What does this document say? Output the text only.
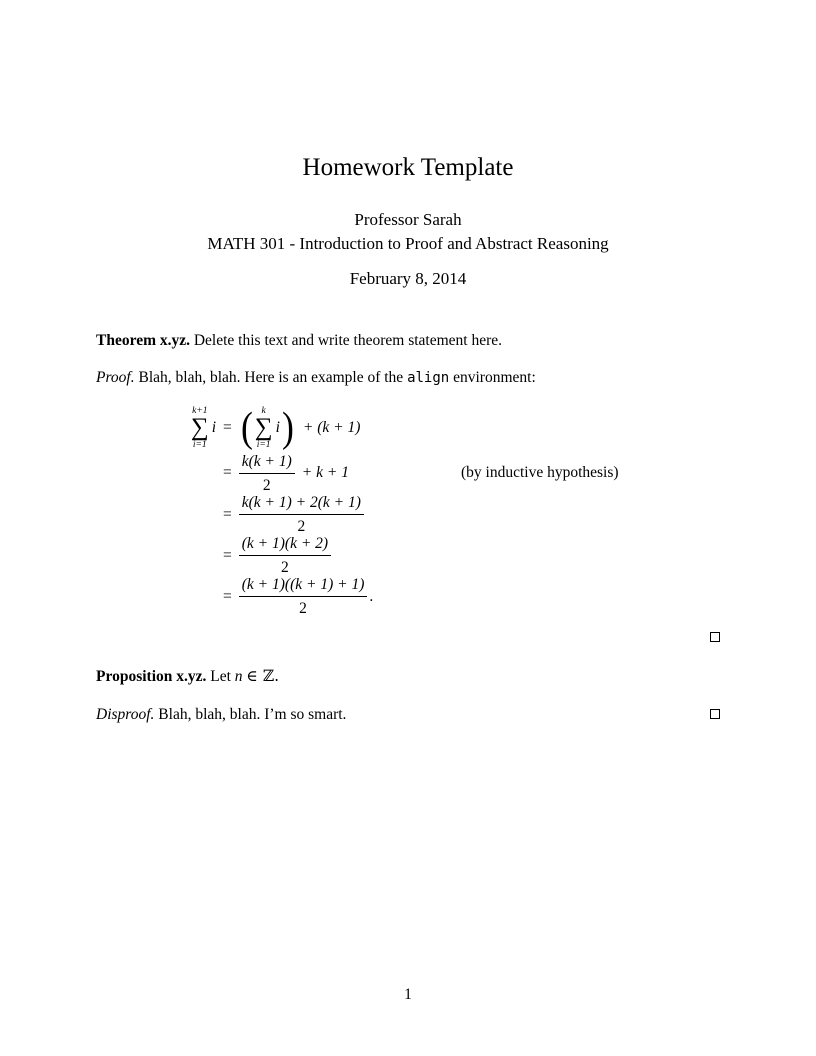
Homework Template
Professor Sarah
MATH 301 - Introduction to Proof and Abstract Reasoning
February 8, 2014

Theorem x.yz. Delete this text and write theorem statement here.

Proof. Blah, blah, blah. Here is an example of the align environment:

k+1
∑
i=1
i = ( k
∑
i=1
i ) + (k + 1)
= $\frac{k(k + 1)}{2} + k + 1$	(by inductive hypothesis)
= $\frac{k(k + 1) + 2(k + 1)}{2}$
= $\frac{(k + 1)(k + 2)}{2}$
= $\frac{(k + 1)((k + 1) + 1)}{2}$ .

Proposition x.yz. Let n ∈ ℤ.

Disproof. Blah, blah, blah. I’m so smart.

1
